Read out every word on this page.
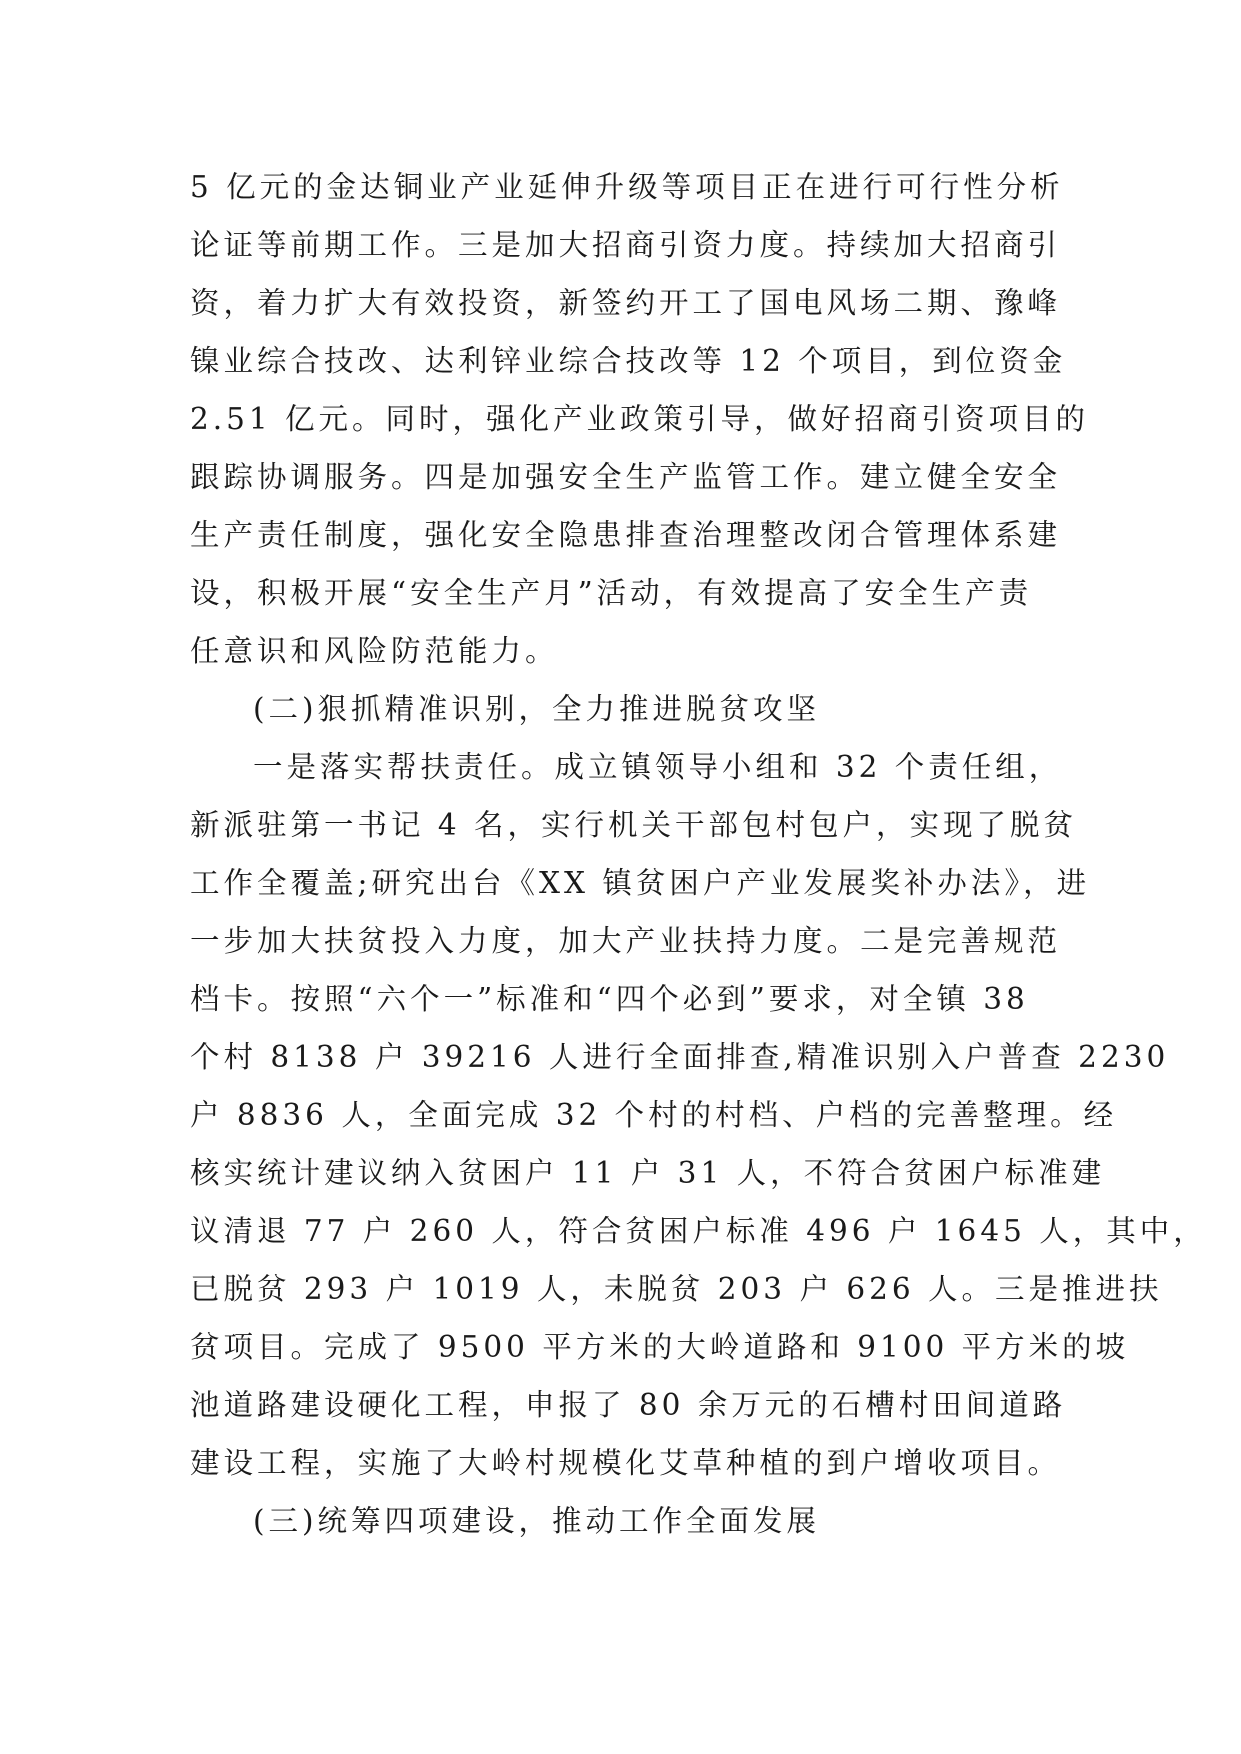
5 亿元的金达铜业产业延伸升级等项目正在进行可行性分析
论证等前期工作。三是加大招商引资力度。持续加大招商引
资，着力扩大有效投资，新签约开工了国电风场二期、豫峰
镍业综合技改、达利锌业综合技改等 12 个项目，到位资金
2.51 亿元。同时，强化产业政策引导，做好招商引资项目的
跟踪协调服务。四是加强安全生产监管工作。建立健全安全
生产责任制度，强化安全隐患排查治理整改闭合管理体系建
设，积极开展“安全生产月”活动，有效提高了安全生产责
任意识和风险防范能力。
(二)狠抓精准识别，全力推进脱贫攻坚
一是落实帮扶责任。成立镇领导小组和 32 个责任组，
新派驻第一书记 4 名，实行机关干部包村包户，实现了脱贫
工作全覆盖;研究出台《XX 镇贫困户产业发展奖补办法》，进
一步加大扶贫投入力度，加大产业扶持力度。二是完善规范
档卡。按照“六个一”标准和“四个必到”要求，对全镇 38
个村 8138 户 39216 人进行全面排查,精准识别入户普查 2230
户 8836 人，全面完成 32 个村的村档、户档的完善整理。经
核实统计建议纳入贫困户 11 户 31 人，不符合贫困户标准建
议清退 77 户 260 人，符合贫困户标准 496 户 1645 人，其中，
已脱贫 293 户 1019 人，未脱贫 203 户 626 人。三是推进扶
贫项目。完成了 9500 平方米的大岭道路和 9100 平方米的坡
池道路建设硬化工程，申报了 80 余万元的石槽村田间道路
建设工程，实施了大岭村规模化艾草种植的到户增收项目。
(三)统筹四项建设，推动工作全面发展
